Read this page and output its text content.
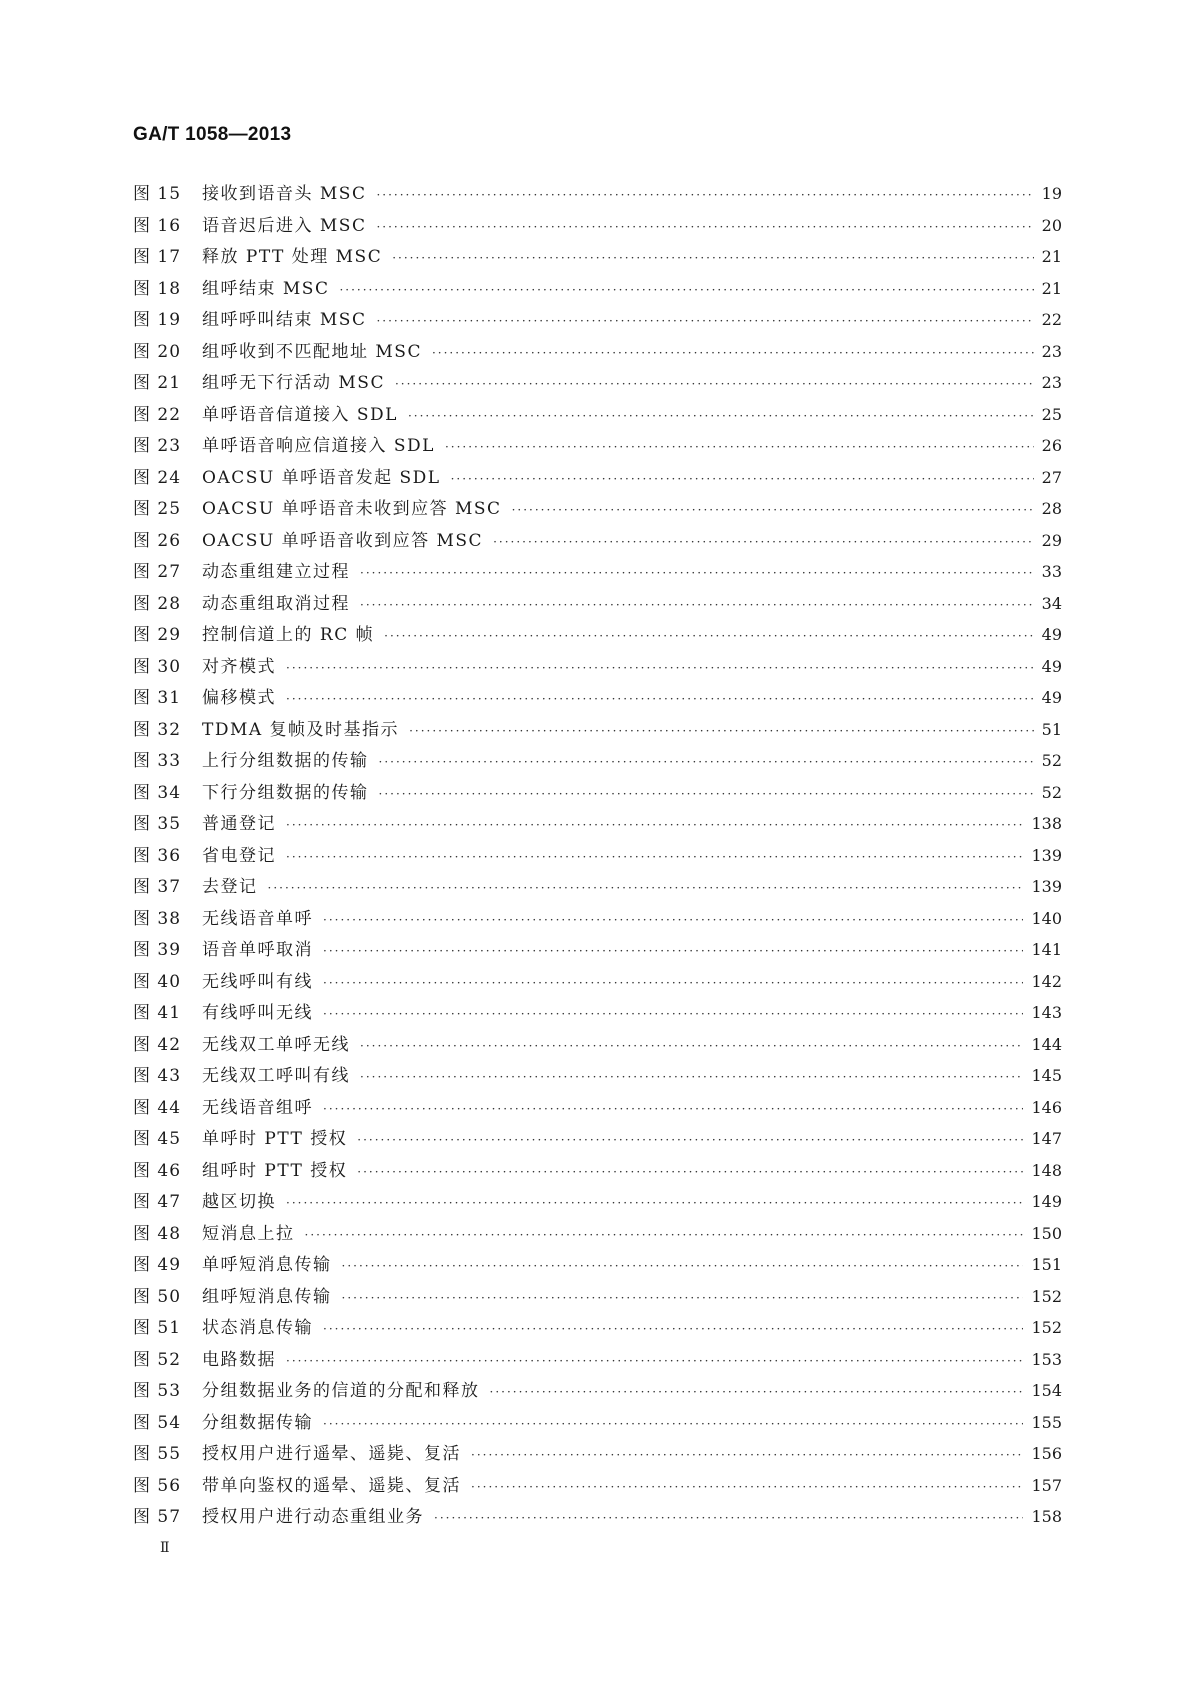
GA/T 1058—2013
图 15	接收到语音头 MSC ·····	19
图 16	语音迟后进入 MSC ·····	20
图 17	释放 PTT 处理 MSC ·····	21
图 18	组呼结束 MSC ·····	21
图 19	组呼呼叫结束 MSC ·····	22
图 20	组呼收到不匹配地址 MSC ·····	23
图 21	组呼无下行活动 MSC ·····	23
图 22	单呼语音信道接入 SDL ·····	25
图 23	单呼语音响应信道接入 SDL ·····	26
图 24	OACSU 单呼语音发起 SDL ·····	27
图 25	OACSU 单呼语音未收到应答 MSC ·····	28
图 26	OACSU 单呼语音收到应答 MSC ·····	29
图 27	动态重组建立过程 ·····	33
图 28	动态重组取消过程 ·····	34
图 29	控制信道上的 RC 帧 ·····	49
图 30	对齐模式 ·····	49
图 31	偏移模式 ·····	49
图 32	TDMA 复帧及时基指示 ·····	51
图 33	上行分组数据的传输 ·····	52
图 34	下行分组数据的传输 ·····	52
图 35	普通登记 ·····	138
图 36	省电登记 ·····	139
图 37	去登记 ·····	139
图 38	无线语音单呼 ·····	140
图 39	语音单呼取消 ·····	141
图 40	无线呼叫有线 ·····	142
图 41	有线呼叫无线 ·····	143
图 42	无线双工单呼无线 ·····	144
图 43	无线双工呼叫有线 ·····	145
图 44	无线语音组呼 ·····	146
图 45	单呼时 PTT 授权 ·····	147
图 46	组呼时 PTT 授权 ·····	148
图 47	越区切换 ·····	149
图 48	短消息上拉 ·····	150
图 49	单呼短消息传输 ·····	151
图 50	组呼短消息传输 ·····	152
图 51	状态消息传输 ·····	152
图 52	电路数据 ·····	153
图 53	分组数据业务的信道的分配和释放 ·····	154
图 54	分组数据传输 ·····	155
图 55	授权用户进行遥晕、遥毙、复活 ·····	156
图 56	带单向鉴权的遥晕、遥毙、复活 ·····	157
图 57	授权用户进行动态重组业务 ·····	158
Ⅱ
